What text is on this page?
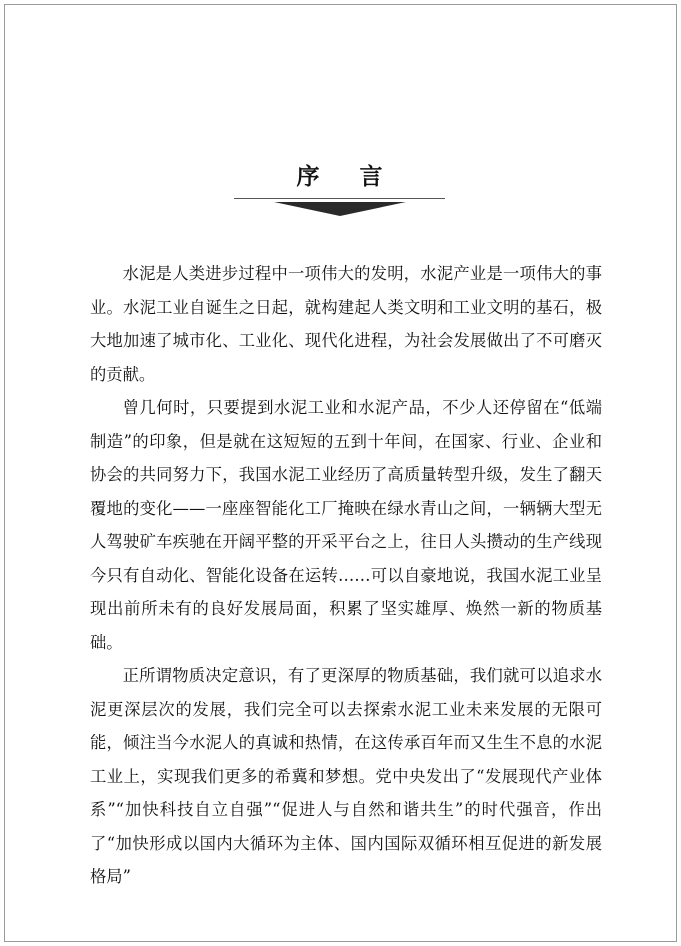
序言

水泥是人类进步过程中一项伟大的发明，水泥产业是一项伟大的事业。水泥工业自诞生之日起，就构建起人类文明和工业文明的基石，极大地加速了城市化、工业化、现代化进程，为社会发展做出了不可磨灭的贡献。

曾几何时，只要提到水泥工业和水泥产品，不少人还停留在“低端制造”的印象，但是就在这短短的五到十年间，在国家、行业、企业和协会的共同努力下，我国水泥工业经历了高质量转型升级，发生了翻天覆地的变化——一座座智能化工厂掩映在绿水青山之间，一辆辆大型无人驾驶矿车疾驰在开阔平整的开采平台之上，往日人头攒动的生产线现今只有自动化、智能化设备在运转……可以自豪地说，我国水泥工业呈现出前所未有的良好发展局面，积累了坚实雄厚、焕然一新的物质基础。

正所谓物质决定意识，有了更深厚的物质基础，我们就可以追求水泥更深层次的发展，我们完全可以去探索水泥工业未来发展的无限可能，倾注当今水泥人的真诚和热情，在这传承百年而又生生不息的水泥工业上，实现我们更多的希冀和梦想。党中央发出了“发展现代产业体系”“加快科技自立自强”“促进人与自然和谐共生”的时代强音，作出了“加快形成以国内大循环为主体、国内国际双循环相互促进的新发展格局”
